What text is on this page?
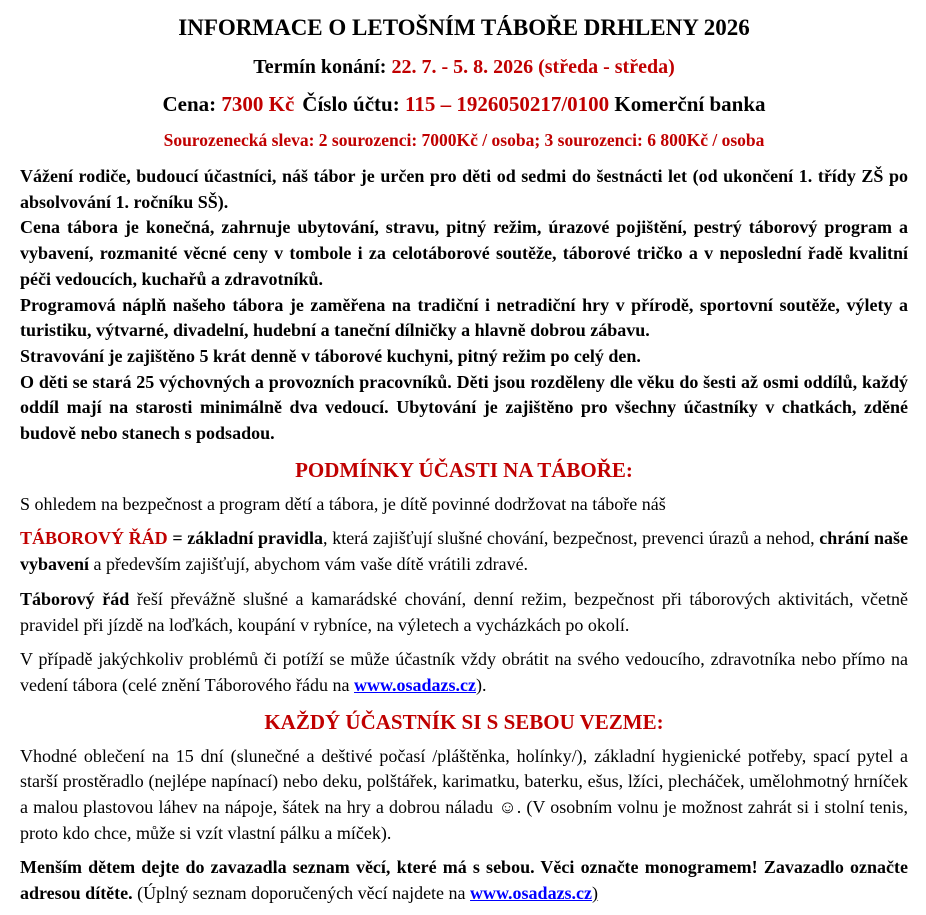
INFORMACE O LETOŠNÍM TÁBOŘE DRHLENY 2026

Termín konání: 22. 7. - 5. 8. 2026 (středa - středa)

Cena: 7300 Kč Číslo účtu: 115 – 1926050217/0100 Komerční banka

Sourozenecká sleva: 2 sourozenci: 7000Kč / osoba; 3 sourozenci: 6 800Kč / osoba

Vážení rodiče, budoucí účastníci, náš tábor je určen pro děti od sedmi do šestnácti let (od ukončení 1. třídy ZŠ po absolvování 1. ročníku SŠ).

Cena tábora je konečná, zahrnuje ubytování, stravu, pitný režim, úrazové pojištění, pestrý táborový program a vybavení, rozmanité věcné ceny v tombole i za celotáborové soutěže, táborové tričko a v neposlední řadě kvalitní péči vedoucích, kuchařů a zdravotníků.

Programová náplň našeho tábora je zaměřena na tradiční i netradiční hry v přírodě, sportovní soutěže, výlety a turistiku, výtvarné, divadelní, hudební a taneční dílničky a hlavně dobrou zábavu.

Stravování je zajištěno 5 krát denně v táborové kuchyni, pitný režim po celý den.

O děti se stará 25 výchovných a provozních pracovníků. Děti jsou rozděleny dle věku do šesti až osmi oddílů, každý oddíl mají na starosti minimálně dva vedoucí. Ubytování je zajištěno pro všechny účastníky v chatkách, zděné budově nebo stanech s podsadou.

PODMÍNKY ÚČASTI NA TÁBOŘE:

S ohledem na bezpečnost a program dětí a tábora, je dítě povinné dodržovat na táboře náš

TÁBOROVÝ ŘÁD = základní pravidla, která zajišťují slušné chování, bezpečnost, prevenci úrazů a nehod, chrání naše vybavení a především zajišťují, abychom vám vaše dítě vrátili zdravé.

Táborový řád řeší převážně slušné a kamarádské chování, denní režim, bezpečnost při táborových aktivitách, včetně pravidel při jízdě na loďkách, koupání v rybníce, na výletech a vycházkách po okolí.

V případě jakýchkoliv problémů či potíží se může účastník vždy obrátit na svého vedoucího, zdravotníka nebo přímo na vedení tábora (celé znění Táborového řádu na www.osadazs.cz).

KAŽDÝ ÚČASTNÍK SI S SEBOU VEZME:

Vhodné oblečení na 15 dní (slunečné a deštivé počasí /pláštěnka, holínky/), základní hygienické potřeby, spací pytel a starší prostěradlo (nejlépe napínací) nebo deku, polštářek, karimatku, baterku, ešus, lžíci, plecháček, umělohmotný hrníček a malou plastovou láhev na nápoje, šátek na hry a dobrou náladu ☺. (V osobním volnu je možnost zahrát si i stolní tenis, proto kdo chce, může si vzít vlastní pálku a míček).

Menším dětem dejte do zavazadla seznam věcí, které má s sebou. Věci označte monogramem! Zavazadlo označte adresou dítěte. (Úplný seznam doporučených věcí najdete na www.osadazs.cz)
